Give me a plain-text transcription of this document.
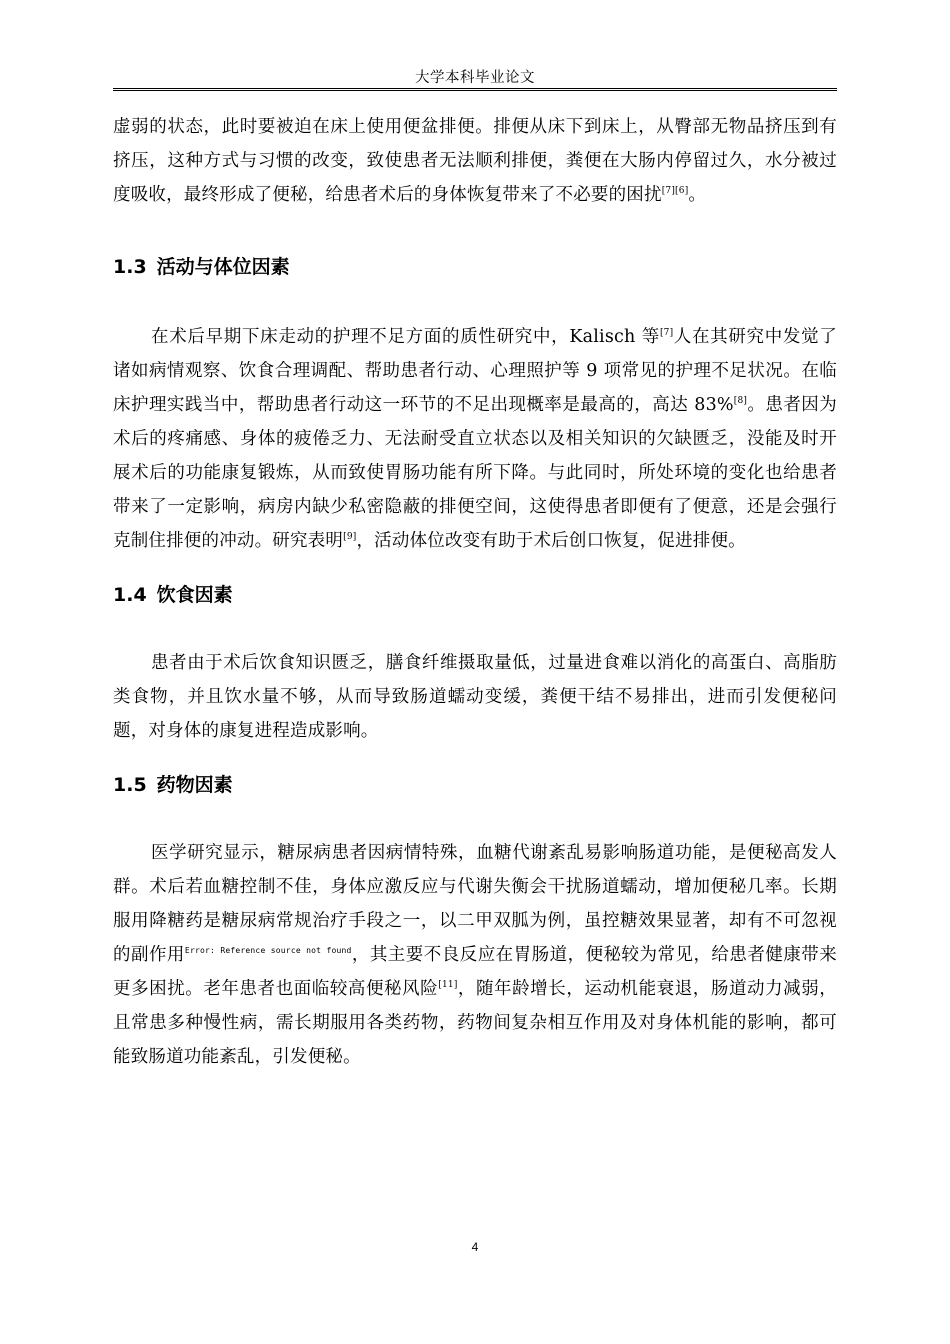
大学本科毕业论文

虚弱的状态，此时要被迫在床上使用便盆排便。排便从床下到床上，从臀部无物品挤压到有挤压，这种方式与习惯的改变，致使患者无法顺利排便，粪便在大肠内停留过久，水分被过度吸收，最终形成了便秘，给患者术后的身体恢复带来了不必要的困扰[7][6]。

1.3 活动与体位因素

在术后早期下床走动的护理不足方面的质性研究中，Kalisch 等[7]人在其研究中发觉了诸如病情观察、饮食合理调配、帮助患者行动、心理照护等 9 项常见的护理不足状况。在临床护理实践当中，帮助患者行动这一环节的不足出现概率是最高的，高达 83%[8]。患者因为术后的疼痛感、身体的疲倦乏力、无法耐受直立状态以及相关知识的欠缺匮乏，没能及时开展术后的功能康复锻炼，从而致使胃肠功能有所下降。与此同时，所处环境的变化也给患者带来了一定影响，病房内缺少私密隐蔽的排便空间，这使得患者即便有了便意，还是会强行克制住排便的冲动。研究表明[9]，活动体位改变有助于术后创口恢复，促进排便。

1.4 饮食因素

患者由于术后饮食知识匮乏，膳食纤维摄取量低，过量进食难以消化的高蛋白、高脂肪类食物，并且饮水量不够，从而导致肠道蠕动变缓，粪便干结不易排出，进而引发便秘问题，对身体的康复进程造成影响。

1.5 药物因素

医学研究显示，糖尿病患者因病情特殊，血糖代谢紊乱易影响肠道功能，是便秘高发人群。术后若血糖控制不佳，身体应激反应与代谢失衡会干扰肠道蠕动，增加便秘几率。长期服用降糖药是糖尿病常规治疗手段之一，以二甲双胍为例，虽控糖效果显著，却有不可忽视的副作用$^{Error: Reference source not found}$，其主要不良反应在胃肠道，便秘较为常见，给患者健康带来更多困扰。老年患者也面临较高便秘风险[11]，随年龄增长，运动机能衰退，肠道动力减弱，且常患多种慢性病，需长期服用各类药物，药物间复杂相互作用及对身体机能的影响，都可能致肠道功能紊乱，引发便秘。

4
